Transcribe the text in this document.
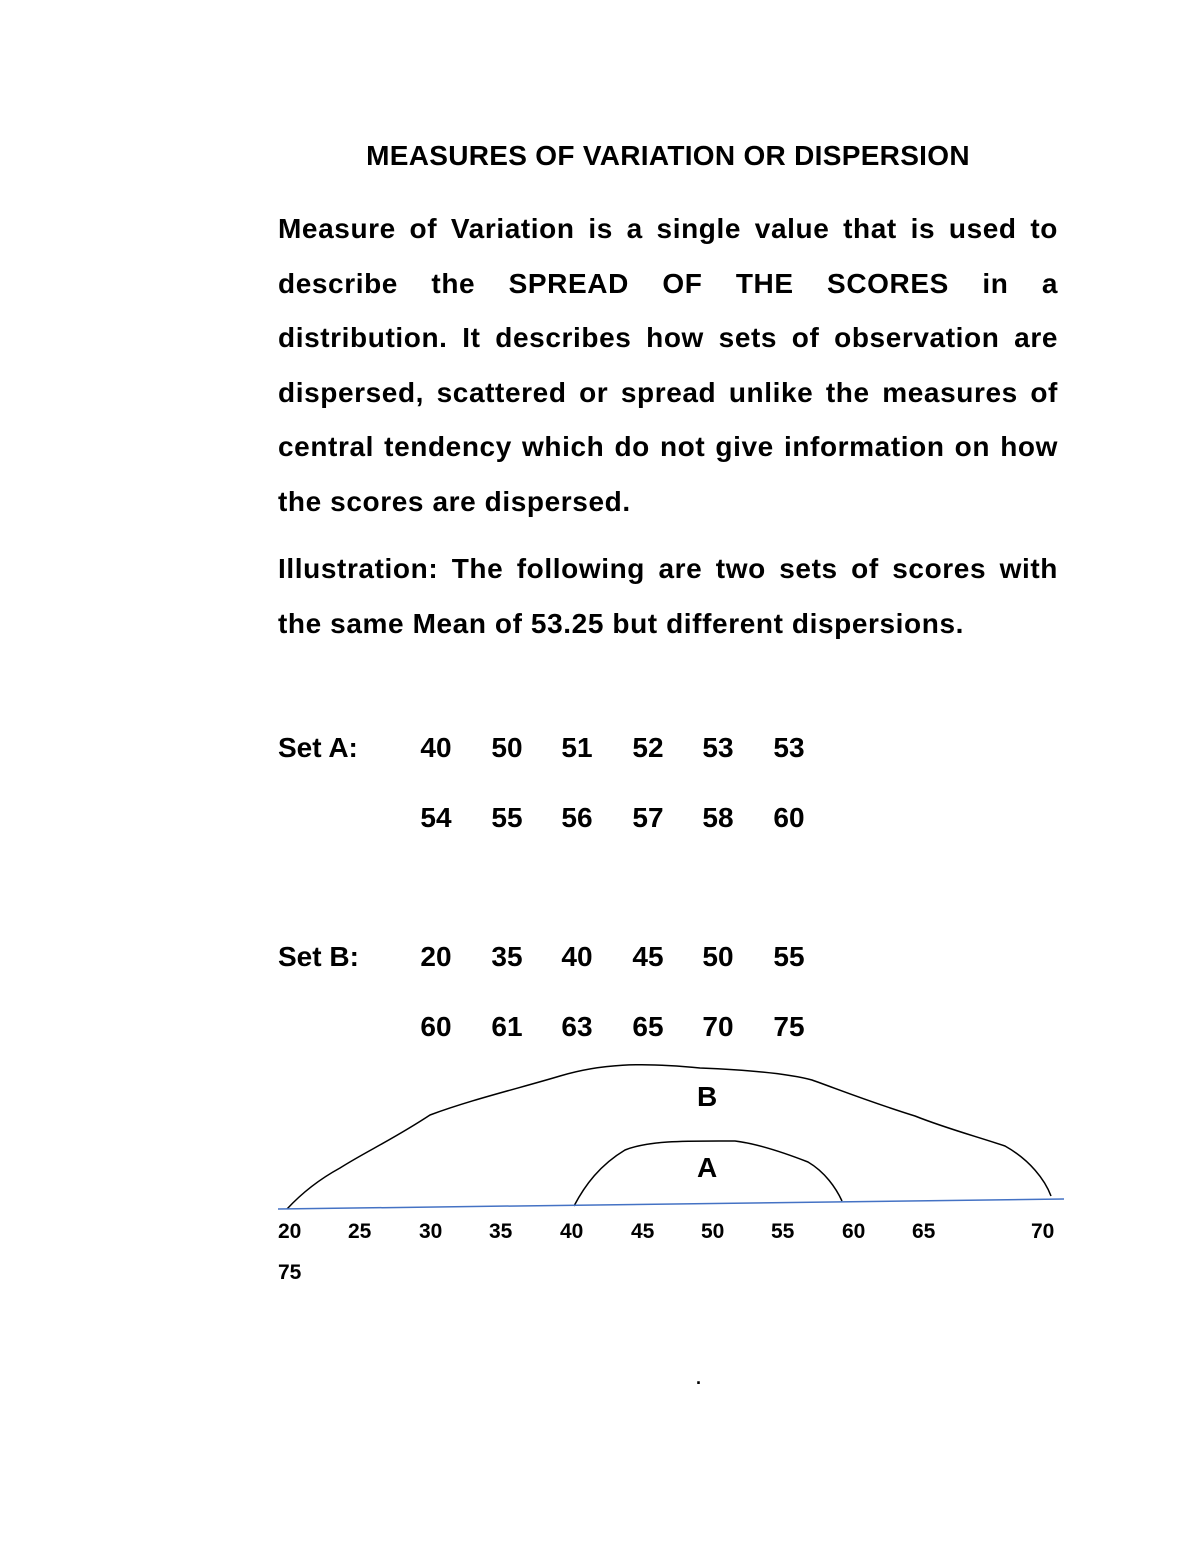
MEASURES OF VARIATION OR DISPERSION
Measure of Variation is a single value that is used to describe the SPREAD OF THE SCORES in a distribution. It describes how sets of observation are dispersed, scattered or spread unlike the measures of central tendency which do not give information on how the scores are dispersed.
Illustration: The following are two sets of scores with the same Mean of 53.25 but different dispersions.
Set A:	40	50	51	52	53	53
54	55	56	57	58	60
Set B:	20	35	40	45	50	55
60	61	63	65	70	75
B
A
20 25 30 35 40 45 50 55 60 65	70
75
.
